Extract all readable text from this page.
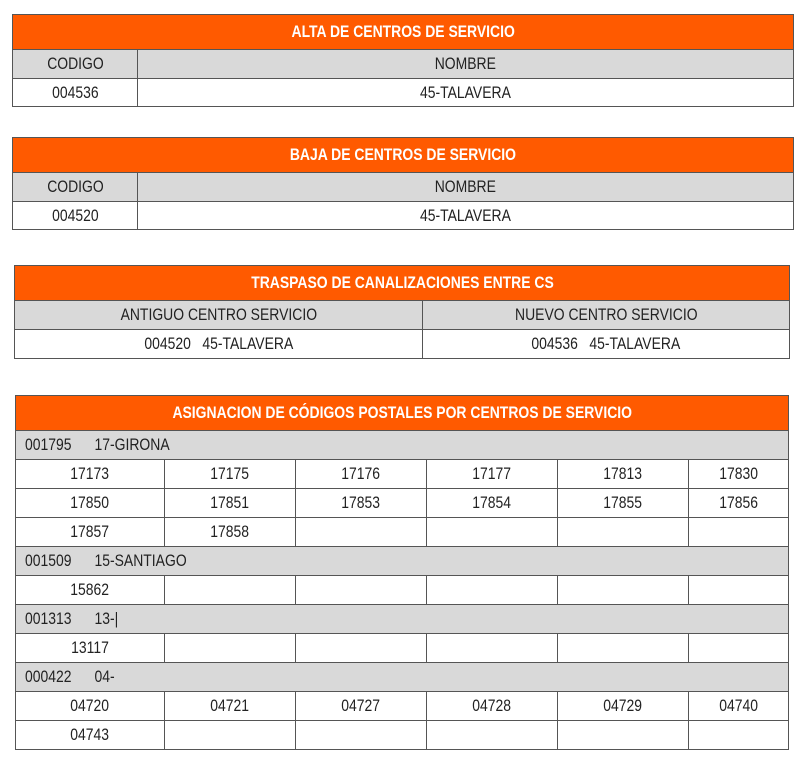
ALTA DE CENTROS DE SERVICIO	
CODIGO	NOMBRE
004536	45-TALAVERA
BAJA DE CENTROS DE SERVICIO	
CODIGO	NOMBRE
004520	45-TALAVERA
TRASPASO DE CANALIZACIONES ENTRE CS	
ANTIGUO CENTRO SERVICIO	NUEVO CENTRO SERVICIO
004520 45-TALAVERA	004536 45-TALAVERA
ASIGNACION DE CÓDIGOS POSTALES POR CENTROS DE SERVICIO					
001795 17-GIRONA					
17173	17175	17176	17177	17813	17830
17850	17851	17853	17854	17855	17856
17857	17858				
001509 15-SANTIAGO					
15862					
001313 13-|					
13117					
000422 04-					
04720	04721	04727	04728	04729	04740
04743					
